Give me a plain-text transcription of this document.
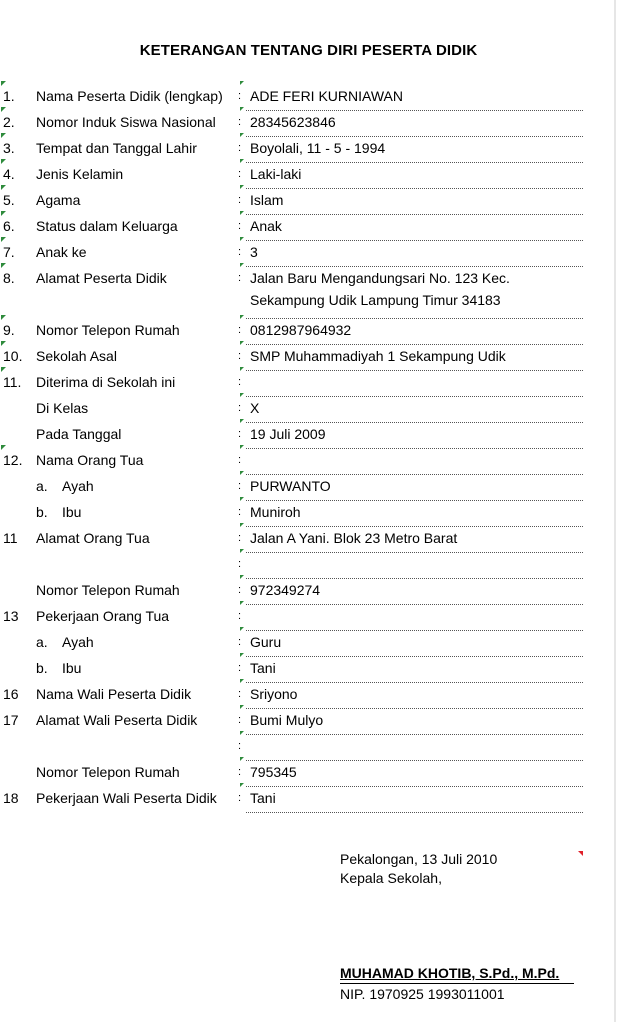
KETERANGAN TENTANG DIRI PESERTA DIDIK
1. Nama Peserta Didik (lengkap) : ADE FERI KURNIAWAN
2. Nomor Induk Siswa Nasional : 28345623846
3. Tempat dan Tanggal Lahir	: Boyolali, 11 - 5 - 1994
4. Jenis Kelamin	: Laki-laki
5. Agama	: Islam
6. Status dalam Keluarga	: Anak
7. Anak ke	: 3
8. Alamat Peserta Didik	: Jalan Baru Mengandungsari No. 123 Kec.
Sekampung Udik Lampung Timur 34183
9. Nomor Telepon Rumah	: 0812987964932
10. Sekolah Asal	: SMP Muhammadiyah 1 Sekampung Udik
11. Diterima di Sekolah ini	:
Di Kelas	: X
Pada Tanggal	: 19 Juli 2009
12. Nama Orang Tua	:
a. Ayah	: PURWANTO
b. Ibu	: Muniroh
11 Alamat Orang Tua	: Jalan A Yani. Blok 23 Metro Barat
:
Nomor Telepon Rumah	: 972349274
13 Pekerjaan Orang Tua	:
a. Ayah	: Guru
b. Ibu	: Tani
16 Nama Wali Peserta Didik	: Sriyono
17 Alamat Wali Peserta Didik	: Bumi Mulyo
:
Nomor Telepon Rumah	: 795345
18 Pekerjaan Wali Peserta Didik : Tani
Pekalongan, 13 Juli 2010
Kepala Sekolah,
MUHAMAD KHOTIB, S.Pd., M.Pd.
NIP. 1970925 1993011001
